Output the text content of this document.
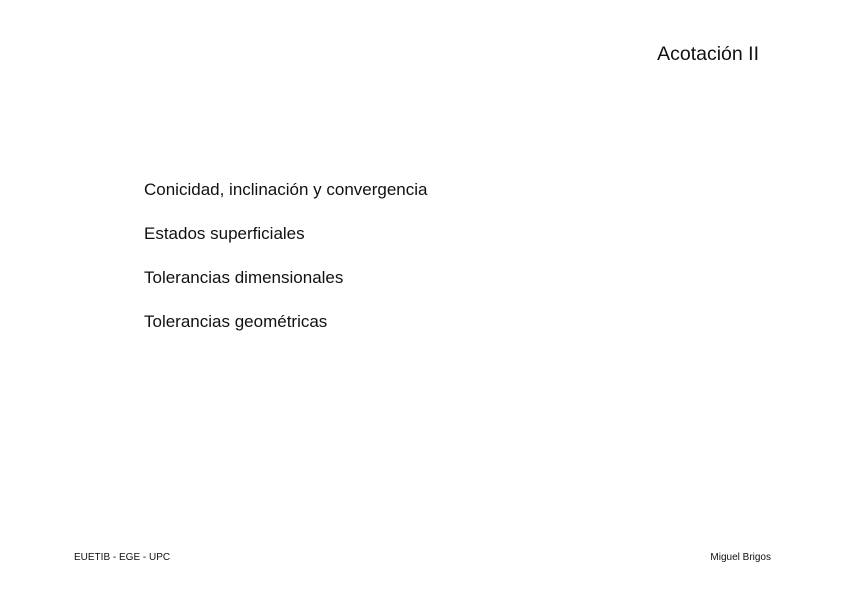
Acotación II
Conicidad, inclinación y convergencia
Estados superficiales
Tolerancias dimensionales
Tolerancias geométricas
EUETIB - EGE - UPC	Miguel Brigos
